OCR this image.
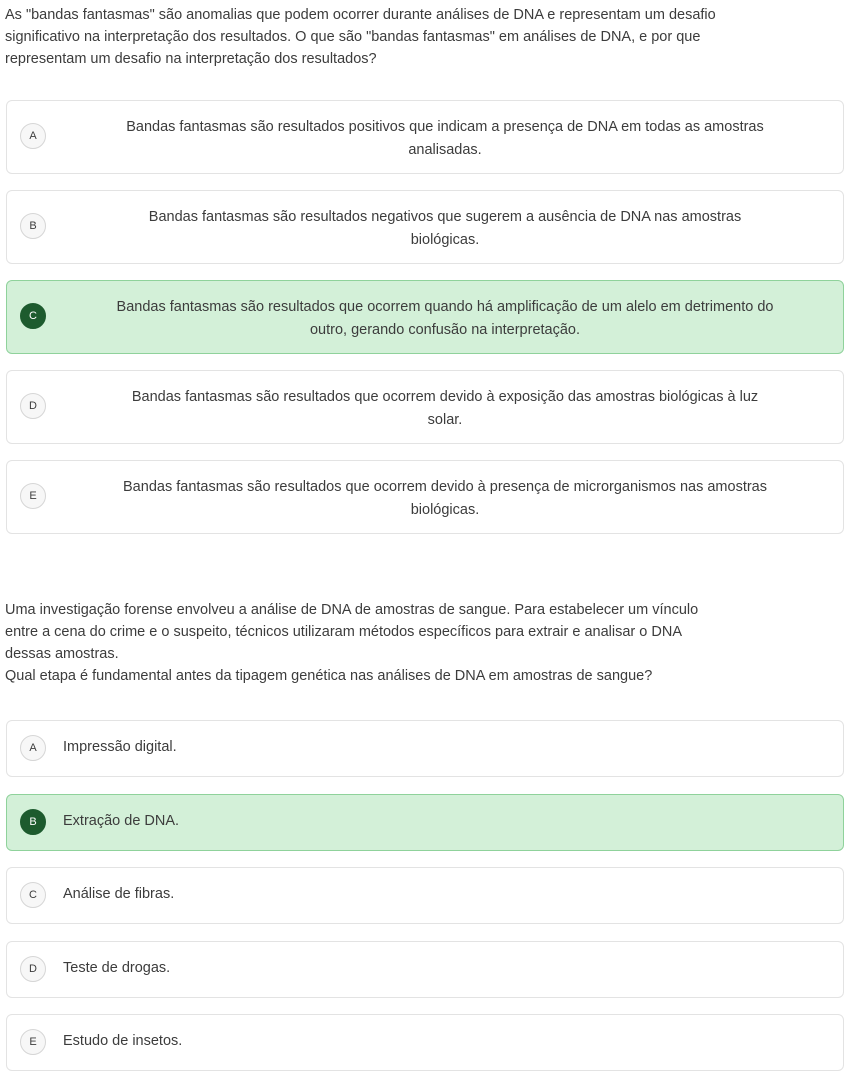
As "bandas fantasmas" são anomalias que podem ocorrer durante análises de DNA e representam um desafio
significativo na interpretação dos resultados. O que são "bandas fantasmas" em análises de DNA, e por que
representam um desafio na interpretação dos resultados?
A
Bandas fantasmas são resultados positivos que indicam a presença de DNA em todas as amostras
analisadas.
B
Bandas fantasmas são resultados negativos que sugerem a ausência de DNA nas amostras
biológicas.
C
Bandas fantasmas são resultados que ocorrem quando há amplificação de um alelo em detrimento do
outro, gerando confusão na interpretação.
D
Bandas fantasmas são resultados que ocorrem devido à exposição das amostras biológicas à luz
solar.
E
Bandas fantasmas são resultados que ocorrem devido à presença de microrganismos nas amostras
biológicas.
Uma investigação forense envolveu a análise de DNA de amostras de sangue. Para estabelecer um vínculo
entre a cena do crime e o suspeito, técnicos utilizaram métodos específicos para extrair e analisar o DNA
dessas amostras.
Qual etapa é fundamental antes da tipagem genética nas análises de DNA em amostras de sangue?
A	Impressão digital.
B	Extração de DNA.
C	Análise de fibras.
D	Teste de drogas.
E	Estudo de insetos.
